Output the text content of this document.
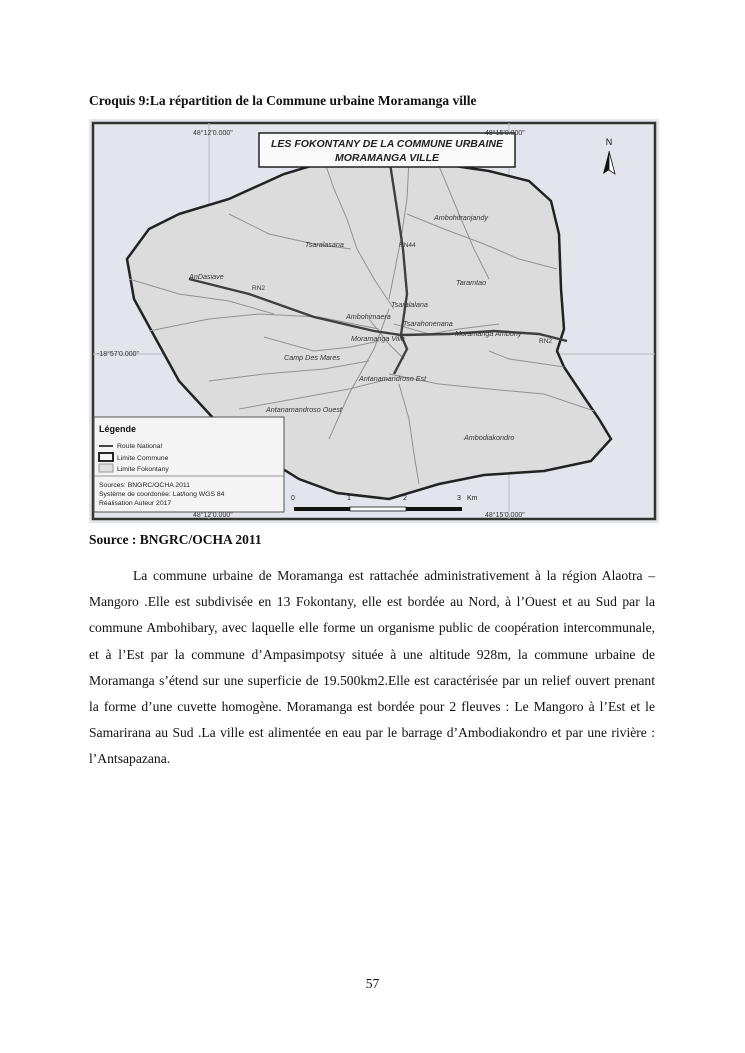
Croquis 9:La répartition de la Commune urbaine Moramanga ville
LES FOKONTANY DE LA COMMUNE URBAINE
MORAMANGA VILLE
N
48°12'0.000"	48°15'0.000"
48°12'0.000"	48°15'0.000"
-18°57'0.000"
RN44
RN2
RN2
Ambohitranjandy
Tsaralasana
AnDasiave
Taramtao
Tsaralalana
Ambohimaera
Tsarahonenana
Moramanga Ambony
Moramanga Ville
Camp Des Mares
Antanamandroso Est
Antanamandroso Ouest
Ambodiakondro
Légende
Route National
Limite Commune
Limite Fokontany
Sources: BNGRC/OCHA 2011
Système de coordonée: Lat/long WGS 84
Réalisation Auteur 2017
0	1	2	3 Km
Source : BNGRC/OCHA 2011

La commune urbaine de Moramanga est rattachée administrativement à la région Alaotra –Mangoro .Elle est subdivisée en 13 Fokontany, elle est bordée au Nord, à l’Ouest et au Sud par la commune Ambohibary, avec laquelle elle forme un organisme public de coopération intercommunale, et à l’Est par la commune d’Ampasimpotsy située à une altitude 928m, la commune urbaine de Moramanga s’étend sur une superficie de 19.500km2.Elle est caractérisée par un relief ouvert prenant la forme d’une cuvette homogène. Moramanga est bordée pour 2 fleuves : Le Mangoro à l’Est et le Samarirana au Sud .La ville est alimentée en eau par le barrage d’Ambodiakondro et par une rivière : l’Antsapazana.

57
